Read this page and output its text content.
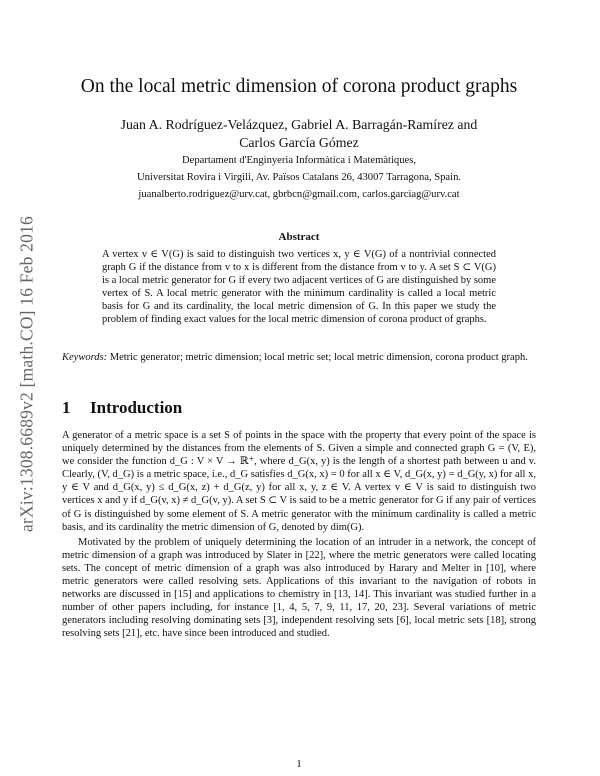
arXiv:1308.6689v2 [math.CO] 16 Feb 2016
On the local metric dimension of corona product graphs
Juan A. Rodríguez-Velázquez, Gabriel A. Barragán-Ramírez and
Carlos García Gómez
Departament d'Enginyeria Informàtica i Matemàtiques,
Universitat Rovira i Virgili, Av. Països Catalans 26, 43007 Tarragona, Spain.
juanalberto.rodriguez@urv.cat, gbrbcn@gmail.com, carlos.garciag@urv.cat
Abstract
A vertex v ∈ V(G) is said to distinguish two vertices x, y ∈ V(G) of a nontrivial connected graph G if the distance from v to x is different from the distance from v to y. A set S ⊂ V(G) is a local metric generator for G if every two adjacent vertices of G are distinguished by some vertex of S. A local metric generator with the minimum cardinality is called a local metric basis for G and its cardinality, the local metric dimension of G. In this paper we study the problem of finding exact values for the local metric dimension of corona product of graphs.
Keywords: Metric generator; metric dimension; local metric set; local metric dimension, corona product graph.
1 Introduction

A generator of a metric space is a set S of points in the space with the property that every point of the space is uniquely determined by the distances from the elements of S. Given a simple and connected graph G = (V, E), we consider the function d_G : V × V → ℝ⁺, where d_G(x, y) is the length of a shortest path between u and v. Clearly, (V, d_G) is a metric space, i.e., d_G satisfies d_G(x, x) = 0 for all x ∈ V, d_G(x, y) = d_G(y, x) for all x, y ∈ V and d_G(x, y) ≤ d_G(x, z) + d_G(z, y) for all x, y, z ∈ V. A vertex v ∈ V is said to distinguish two vertices x and y if d_G(v, x) ≠ d_G(v, y). A set S ⊂ V is said to be a metric generator for G if any pair of vertices of G is distinguished by some element of S. A metric generator with the minimum cardinality is called a metric basis, and its cardinality the metric dimension of G, denoted by dim(G).

Motivated by the problem of uniquely determining the location of an intruder in a network, the concept of metric dimension of a graph was introduced by Slater in [22], where the metric generators were called locating sets. The concept of metric dimension of a graph was also introduced by Harary and Melter in [10], where metric generators were called resolving sets. Applications of this invariant to the navigation of robots in networks are discussed in [15] and applications to chemistry in [13, 14]. This invariant was studied further in a number of other papers including, for instance [1, 4, 5, 7, 9, 11, 17, 20, 23]. Several variations of metric generators including resolving dominating sets [3], independent resolving sets [6], local metric sets [18], strong resolving sets [21], etc. have since been introduced and studied.

1
